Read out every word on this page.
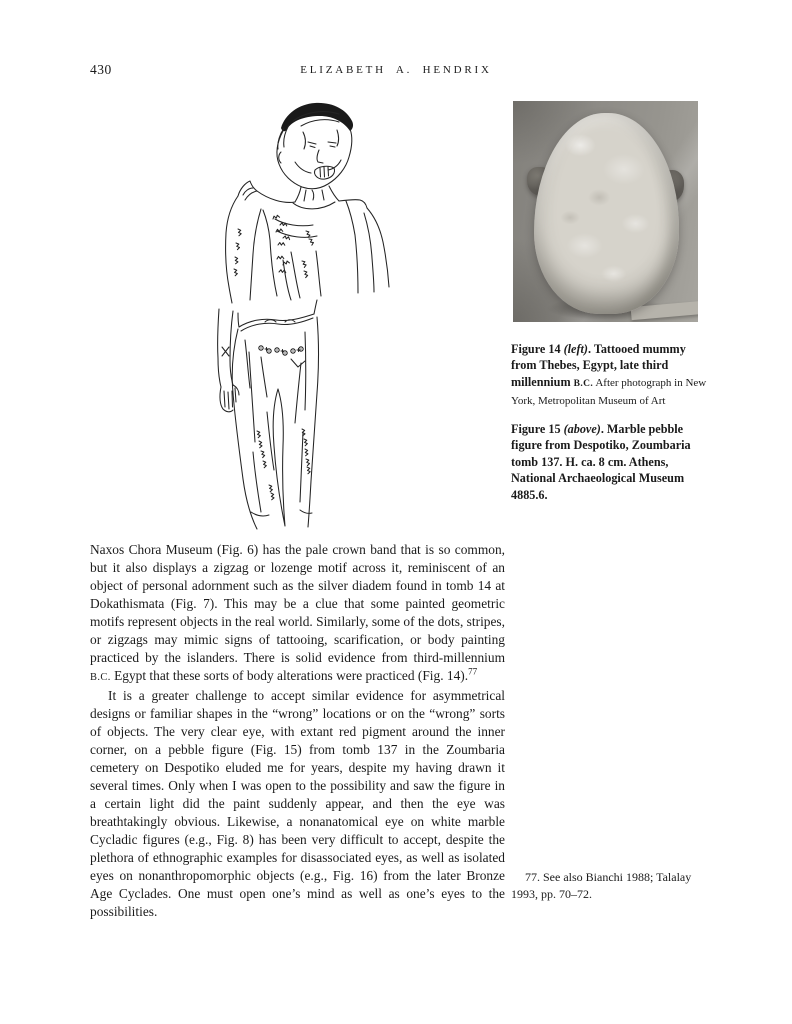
430	ELIZABETH A. HENDRIX

Figure 14 (left). Tattooed mummy from Thebes, Egypt, late third millennium B.C. After photograph in New York, Metropolitan Museum of Art

Figure 15 (above). Marble pebble figure from Despotiko, Zoumbaria tomb 137. H. ca. 8 cm. Athens, National Archaeological Museum 4885.6.

Naxos Chora Museum (Fig. 6) has the pale crown band that is so common, but it also displays a zigzag or lozenge motif across it, reminiscent of an object of personal adornment such as the silver diadem found in tomb 14 at Dokathismata (Fig. 7). This may be a clue that some painted geometric motifs represent objects in the real world. Similarly, some of the dots, stripes, or zigzags may mimic signs of tattooing, scarification, or body painting practiced by the islanders. There is solid evidence from third-millennium B.C. Egypt that these sorts of body alterations were practiced (Fig. 14).$^{77}$

It is a greater challenge to accept similar evidence for asymmetrical designs or familiar shapes in the “wrong” locations or on the “wrong” sorts of objects. The very clear eye, with extant red pigment around the inner corner, on a pebble figure (Fig. 15) from tomb 137 in the Zoumbaria cemetery on Despotiko eluded me for years, despite my having drawn it several times. Only when I was open to the possibility and saw the figure in a certain light did the paint suddenly appear, and then the eye was breathtakingly obvious. Likewise, a nonanatomical eye on white marble Cycladic figures (e.g., Fig. 8) has been very difficult to accept, despite the plethora of ethnographic examples for disassociated eyes, as well as isolated eyes on nonanthropomorphic objects (e.g., Fig. 16) from the later Bronze Age Cyclades. One must open one’s mind as well as one’s eyes to the possibilities.

77. See also Bianchi 1988; Talalay 1993, pp. 70–72.
